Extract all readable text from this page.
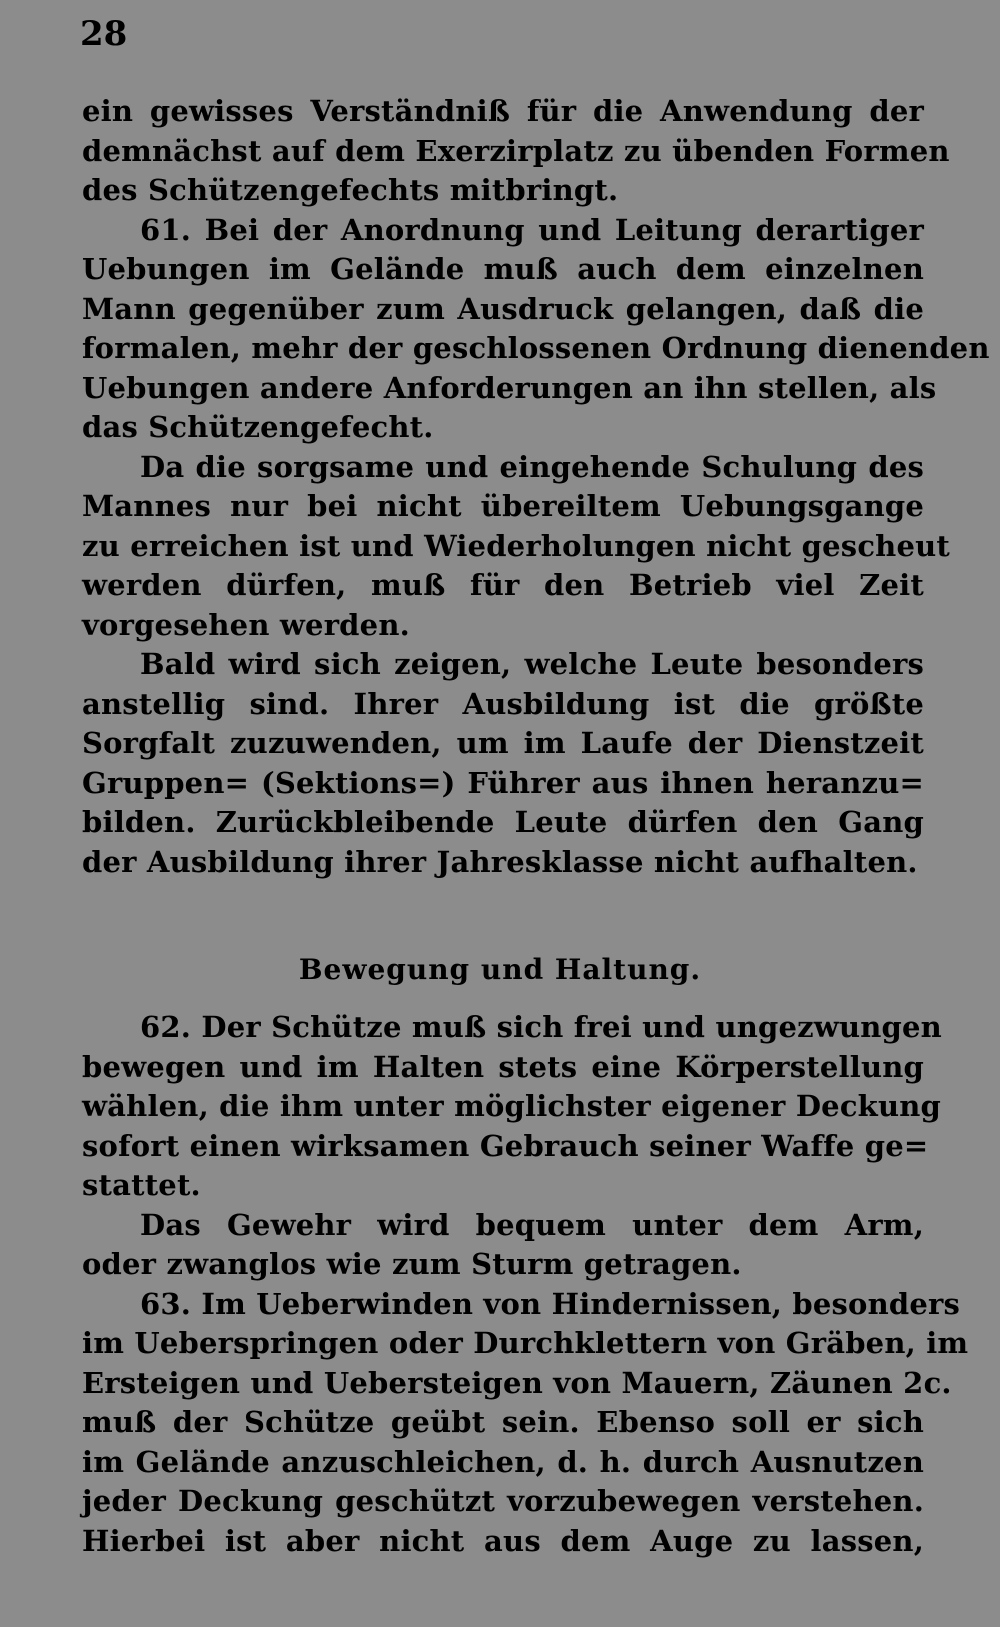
28
ein gewisses Verständniß für die Anwendung der
demnächst auf dem Exerzirplatz zu übenden Formen
des Schützengefechts mitbringt.
61. Bei der Anordnung und Leitung derartiger
Uebungen im Gelände muß auch dem einzelnen
Mann gegenüber zum Ausdruck gelangen, daß die
formalen, mehr der geschlossenen Ordnung dienenden
Uebungen andere Anforderungen an ihn stellen, als
das Schützengefecht.
Da die sorgsame und eingehende Schulung des
Mannes nur bei nicht übereiltem Uebungsgange
zu erreichen ist und Wiederholungen nicht gescheut
werden dürfen, muß für den Betrieb viel Zeit
vorgesehen werden.
Bald wird sich zeigen, welche Leute besonders
anstellig sind. Ihrer Ausbildung ist die größte
Sorgfalt zuzuwenden, um im Laufe der Dienstzeit
Gruppen= (Sektions=) Führer aus ihnen heranzu=
bilden. Zurückbleibende Leute dürfen den Gang
der Ausbildung ihrer Jahresklasse nicht aufhalten.
Bewegung und Haltung.
62. Der Schütze muß sich frei und ungezwungen
bewegen und im Halten stets eine Körperstellung
wählen, die ihm unter möglichster eigener Deckung
sofort einen wirksamen Gebrauch seiner Waffe ge=
stattet.
Das Gewehr wird bequem unter dem Arm,
oder zwanglos wie zum Sturm getragen.
63. Im Ueberwinden von Hindernissen, besonders
im Ueberspringen oder Durchklettern von Gräben, im
Ersteigen und Uebersteigen von Mauern, Zäunen 2c.
muß der Schütze geübt sein. Ebenso soll er sich
im Gelände anzuschleichen, d. h. durch Ausnutzen
jeder Deckung geschützt vorzubewegen verstehen.
Hierbei ist aber nicht aus dem Auge zu lassen,
